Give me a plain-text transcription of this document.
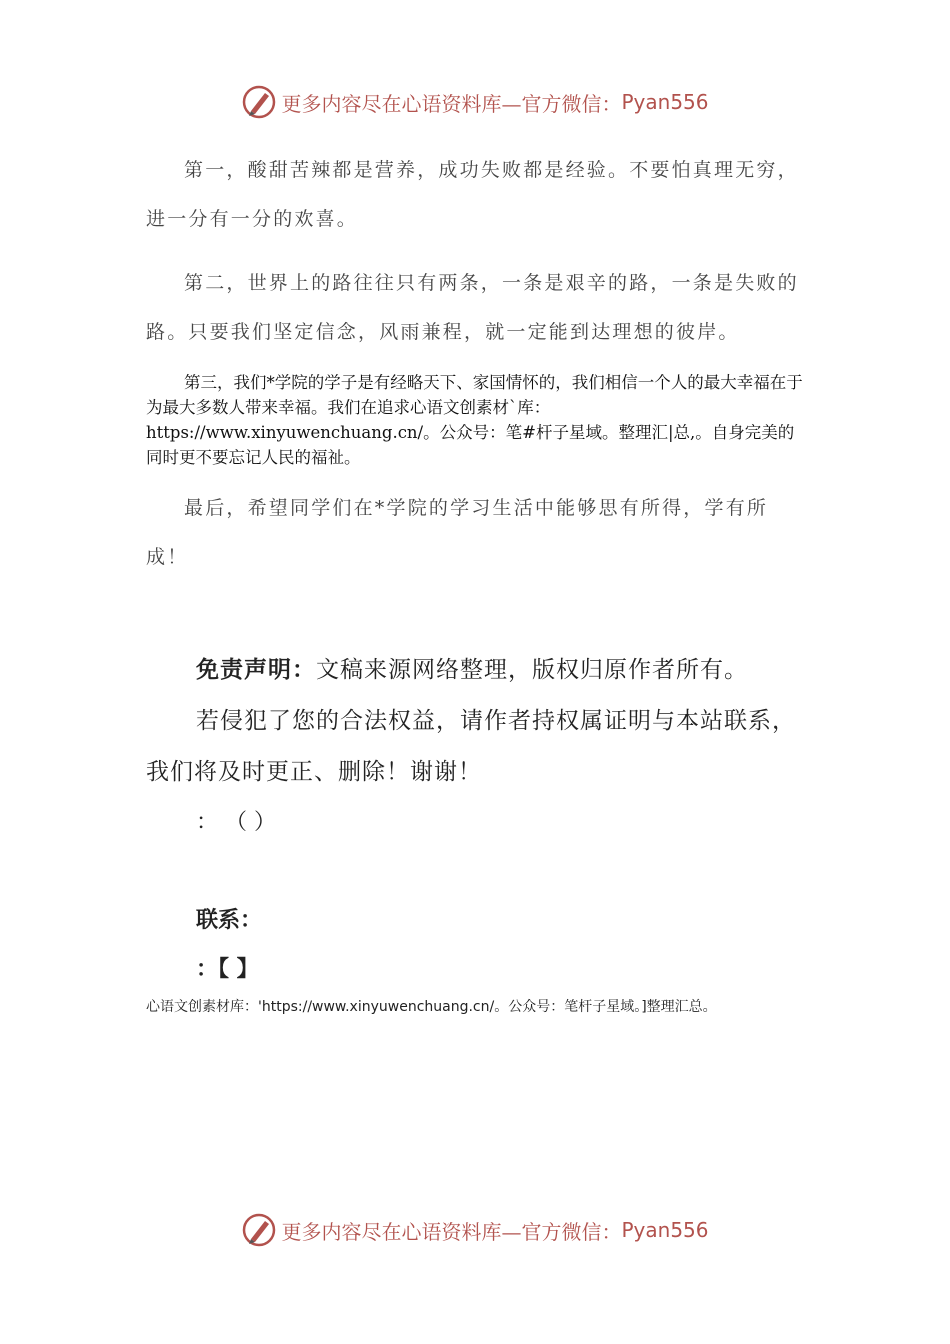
更多内容尽在心语资料库—官方微信： Pyan556
第一，酸甜苦辣都是营养，成功失败都是经验。不要怕真理无穷，进一分有一分的欢喜。
第二，世界上的路往往只有两条，一条是艰辛的路，一条是失败的路。只要我们坚定信念，风雨兼程，就一定能到达理想的彼岸。
第三，我们*学院的学子是有经略天下、家国情怀的，我们相信一个人的最大幸福在于为最大多数人带来幸福。我们在追求心语文创素材`库：https://www.xinyuwenchuang.cn/。公众号：笔#杆子星域。整理汇|总,。自身完美的同时更不要忘记人民的福祉。
最后，希望同学们在*学院的学习生活中能够思有所得，学有所成！
免责声明：文稿来源网络整理，版权归原作者所有。
若侵犯了您的合法权益，请作者持权属证明与本站联系，我们将及时更正、删除！谢谢！
： （ ）
联系：
：【 】
心语文创素材库：'https://www.xinyuwenchuang.cn/。公众号：笔杆子星域。]整理汇总。
更多内容尽在心语资料库—官方微信： Pyan556
